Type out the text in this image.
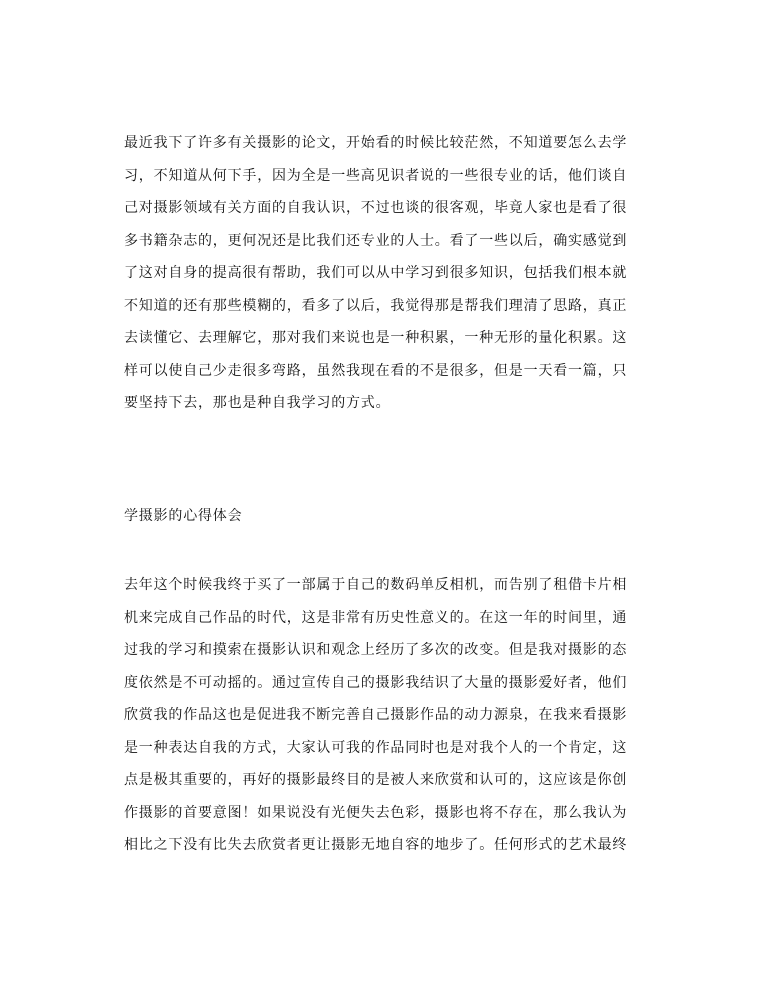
最近我下了许多有关摄影的论文，开始看的时候比较茫然，不知道要怎么去学
习，不知道从何下手，因为全是一些高见识者说的一些很专业的话，他们谈自
己对摄影领域有关方面的自我认识，不过也谈的很客观，毕竟人家也是看了很
多书籍杂志的，更何况还是比我们还专业的人士。看了一些以后，确实感觉到
了这对自身的提高很有帮助，我们可以从中学习到很多知识，包括我们根本就
不知道的还有那些模糊的，看多了以后，我觉得那是帮我们理清了思路，真正
去读懂它、去理解它，那对我们来说也是一种积累，一种无形的量化积累。这
样可以使自己少走很多弯路，虽然我现在看的不是很多，但是一天看一篇，只
要坚持下去，那也是种自我学习的方式。
学摄影的心得体会
去年这个时候我终于买了一部属于自己的数码单反相机，而告别了租借卡片相
机来完成自己作品的时代，这是非常有历史性意义的。在这一年的时间里，通
过我的学习和摸索在摄影认识和观念上经历了多次的改变。但是我对摄影的态
度依然是不可动摇的。通过宣传自己的摄影我结识了大量的摄影爱好者，他们
欣赏我的作品这也是促进我不断完善自己摄影作品的动力源泉，在我来看摄影
是一种表达自我的方式，大家认可我的作品同时也是对我个人的一个肯定，这
点是极其重要的，再好的摄影最终目的是被人来欣赏和认可的，这应该是你创
作摄影的首要意图！如果说没有光便失去色彩，摄影也将不存在，那么我认为
相比之下没有比失去欣赏者更让摄影无地自容的地步了。任何形式的艺术最终
